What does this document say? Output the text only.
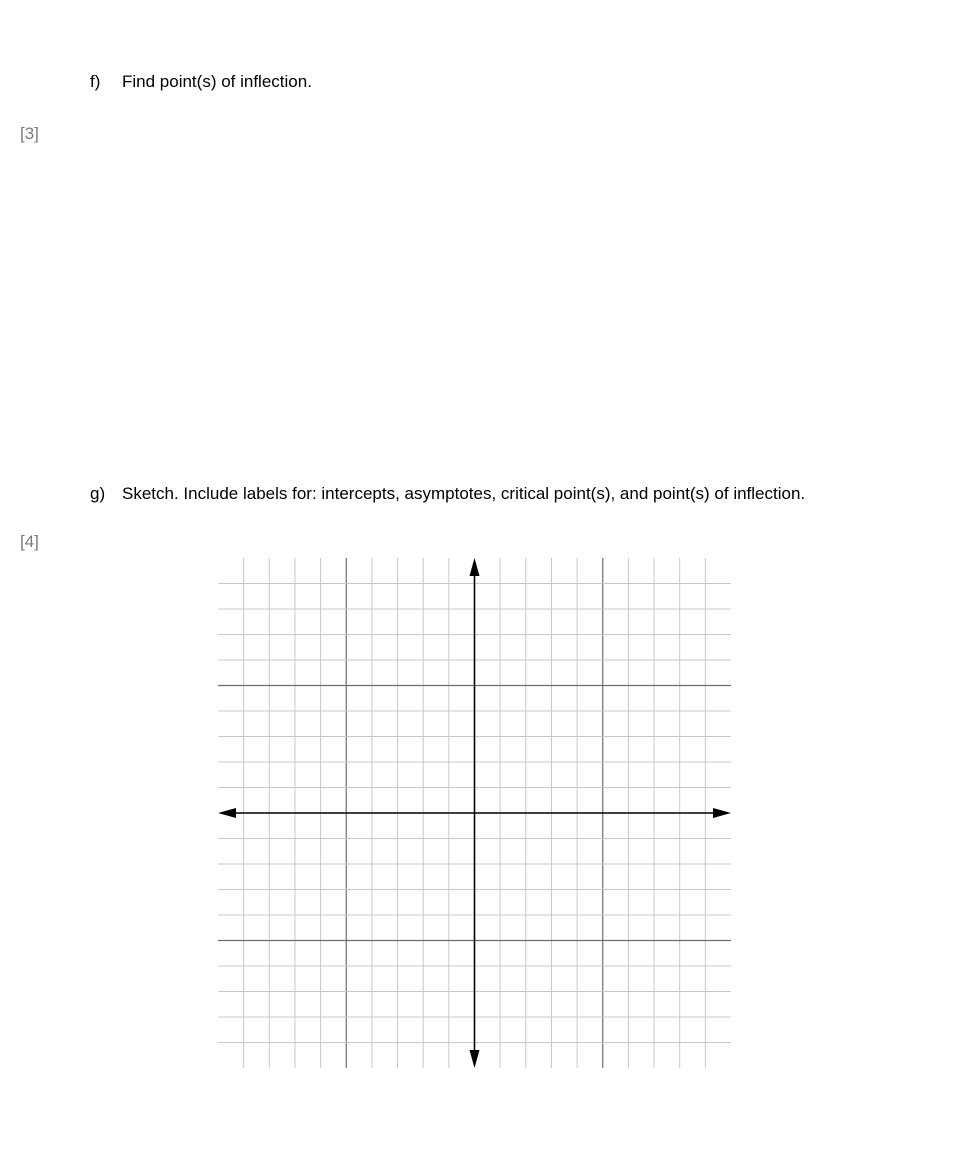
[3]
f) Find point(s) of inflection.
g) Sketch. Include labels for: intercepts, asymptotes, critical point(s), and point(s) of inflection.
[4]
